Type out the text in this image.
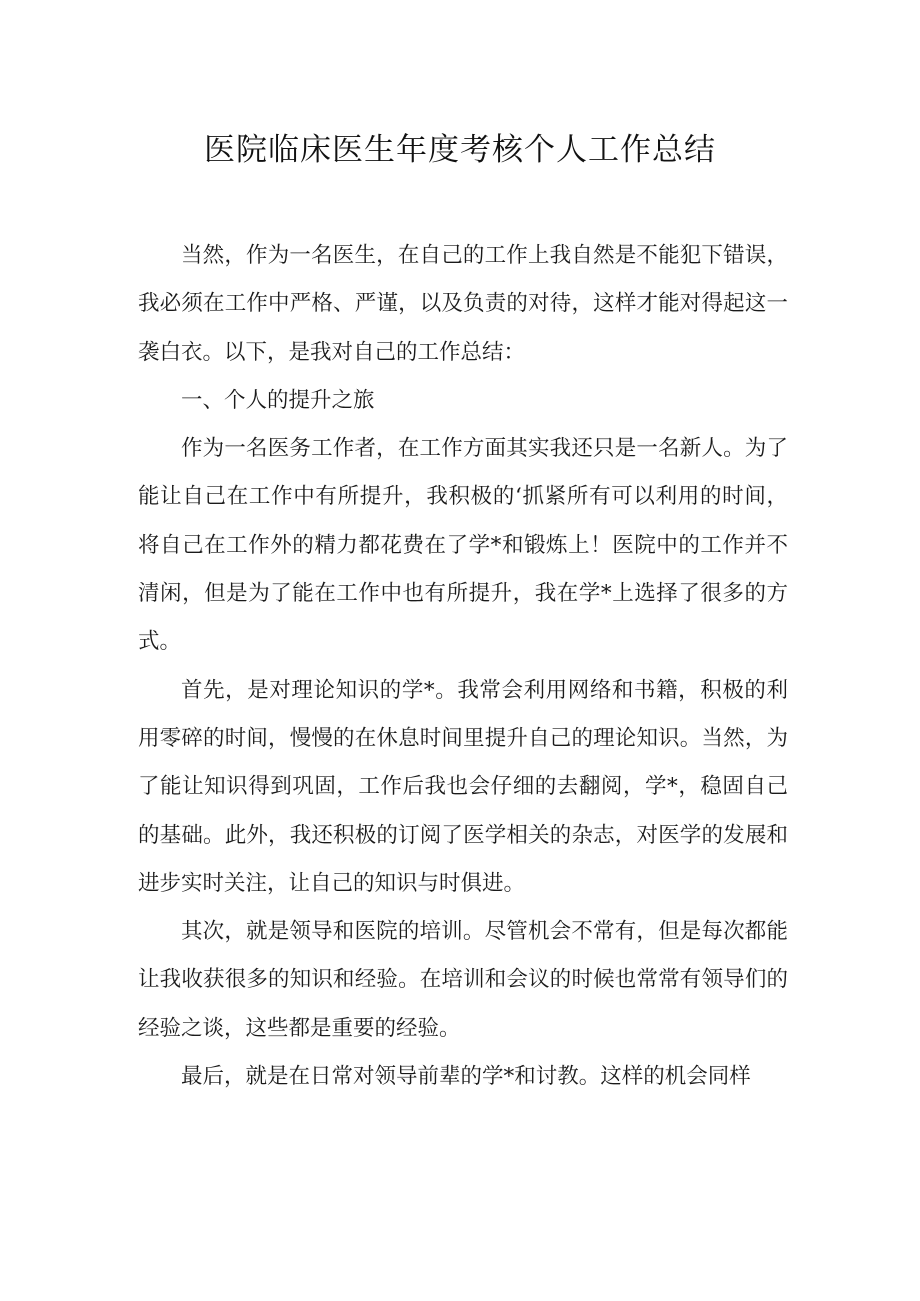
医院临床医生年度考核个人工作总结

当然，作为一名医生，在自己的工作上我自然是不能犯下错误，我必须在工作中严格、严谨，以及负责的对待，这样才能对得起这一袭白衣。以下，是我对自己的工作总结：

一、个人的提升之旅

作为一名医务工作者，在工作方面其实我还只是一名新人。为了能让自己在工作中有所提升，我积极的‘抓紧所有可以利用的时间，将自己在工作外的精力都花费在了学*和锻炼上！医院中的工作并不清闲，但是为了能在工作中也有所提升，我在学*上选择了很多的方式。

首先，是对理论知识的学*。我常会利用网络和书籍，积极的利用零碎的时间，慢慢的在休息时间里提升自己的理论知识。当然，为了能让知识得到巩固，工作后我也会仔细的去翻阅，学*，稳固自己的基础。此外，我还积极的订阅了医学相关的杂志，对医学的发展和进步实时关注，让自己的知识与时俱进。

其次，就是领导和医院的培训。尽管机会不常有，但是每次都能让我收获很多的知识和经验。在培训和会议的时候也常常有领导们的经验之谈，这些都是重要的经验。

最后，就是在日常对领导前辈的学*和讨教。这样的机会同样
